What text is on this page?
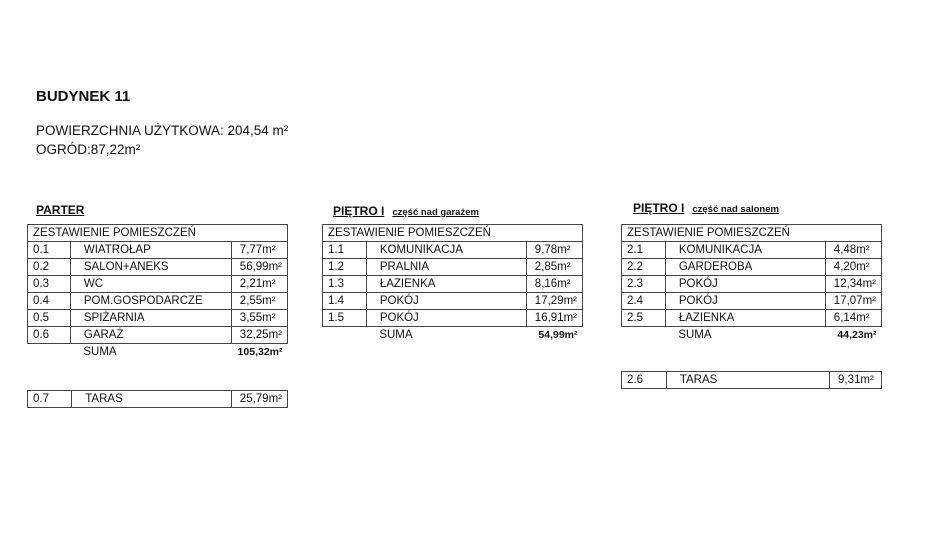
BUDYNEK 11
POWIERZCHNIA UŻYTKOWA: 204,54 m²
OGRÓD:87,22m²
PARTER
ZESTAWIENIE POMIESZCZEŃ		
0.1	WIATROŁAP	7,77m²
0.2	SALON+ANEKS	56,99m²
0.3	WC	2,21m²
0.4	POM.GOSPODARCZE	2,55m²
0.5	SPIŻARNIA	3,55m²
0.6	GARAŻ	32,25m²
	SUMA	105,32m²
0.7	TARAS	25,79m²
PIĘTRO I część nad garażem
ZESTAWIENIE POMIESZCZEŃ		
1.1	KOMUNIKACJA	9,78m²
1.2	PRALNIA	2,85m²
1.3	ŁAZIENKA	8,16m²
1.4	POKÓJ	17,29m²
1.5	POKÓJ	16,91m²
	SUMA	54,99m²
PIĘTRO I część nad salonem
ZESTAWIENIE POMIESZCZEŃ		
2.1	KOMUNIKACJA	4,48m²
2.2	GARDEROBA	4,20m²
2.3	POKÓJ	12,34m²
2.4	POKÓJ	17,07m²
2.5	ŁAZIENKA	6,14m²
	SUMA	44,23m²
2.6	TARAS	9,31m²
